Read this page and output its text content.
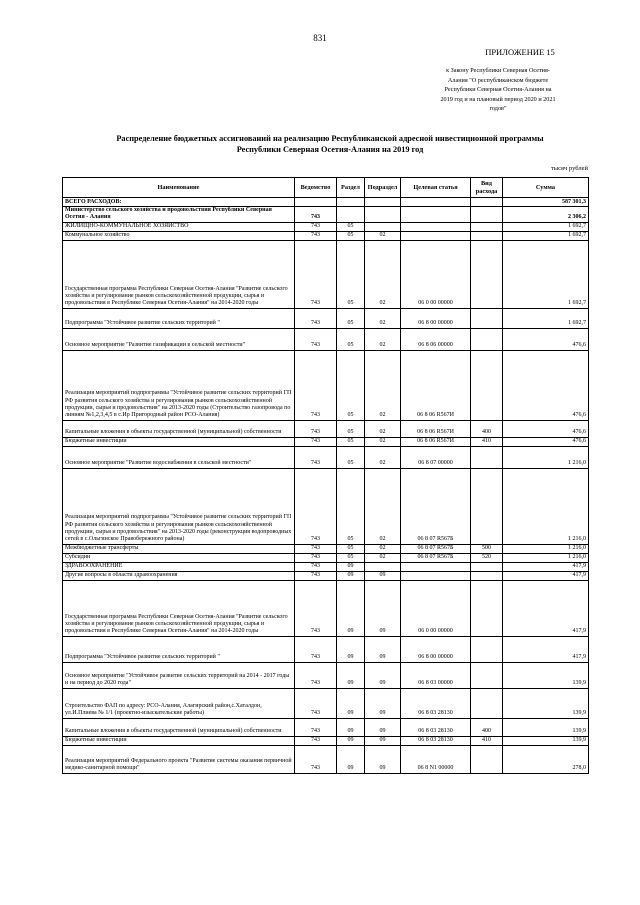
831
ПРИЛОЖЕНИЕ 15
к Закону Республики Северная Осетия-
Алания "О республиканском бюджете
Республики Северная Осетия-Алания на
2019 год и на плановый период 2020 и 2021
годов"
Распределение бюджетных ассигнований на реализацию Республиканской адресной инвестиционной программы
Республики Северная Осетия-Алания на 2019 год
тысяч рублей
Наименование	Ведомство	Раздел	Подраздел	Целевая статья	Вид расхода	Сумма
ВСЕГО РАСХОДОВ:						587 301,3
Министерство сельского хозяйства и продовольствия Республики Северная Осетия - Алания	743					2 306,2
ЖИЛИЩНО-КОММУНАЛЬНОЕ ХОЗЯЙСТВО	743	05				1 692,7
Коммунальное хозяйство	743	05	02			1 692,7
Государственная программа Республики Северная Осетия-Алания "Развитие сельского хозяйства и регулирование рынков сельскохозяйственной продукции, сырья и продовольствия в Республике Северная Осетия-Алания" на 2014-2020 годы	743	05	02	06 0 00 00000		1 692,7
Подпрограмма "Устойчивое развитие сельских территорий "	743	05	02	06 8 00 00000		1 692,7
Основное мероприятие "Развитие газификации в сельской местности"	743	05	02	06 8 06 00000		476,6
Реализация мероприятий подпрограммы "Устойчивое развитие сельских территорий ГП РФ развития сельского хозяйства и регулирования рынков сельскохозяйственной продукции, сырья и продовольствия" на 2013-2020 годы (Строительство газопровода по линиям №1,2,3,4,5 в с.Ир Пригородный район РСО-Алания)	743	05	02	06 8 06 R567И		476,6
Капитальные вложения в объекты государственной (муниципальной) собственности	743	05	02	06 8 06 R567И	400	476,6
Бюджетные инвестиции	743	05	02	06 8 06 R567И	410	476,6
Основное мероприятие "Развитие водоснабжения в сельской местности"	743	05	02	06 8 07 00000		1 216,0
Реализация мероприятий подпрограммы "Устойчивое развитие сельских территорий ГП РФ развития сельского хозяйства и регулирования рынков сельскохозяйственной продукции, сырья и продовольствия" на 2013-2020 годы (реконструкция водопроводных сетей в с.Ольгинское Правобережного района)	743	05	02	06 8 07 R567Б		1 216,0
Межбюджетные трансферты	743	05	02	06 8 07 R567Б	500	1 216,0
Субсидии	743	05	02	06 8 07 R567Б	520	1 216,0
ЗДРАВООХРАНЕНИЕ	743	09				417,9
Другие вопросы в области здравоохранения	743	09	09			417,9
Государственная программа Республики Северная Осетия-Алания "Развитие сельского хозяйства и регулирование рынков сельскохозяйственной продукции, сырья и продовольствия в Республике Северная Осетия-Алания" на 2014-2020 годы	743	09	09	06 0 00 00000		417,9
Подпрограмма "Устойчивое развитие сельских территорий "	743	09	09	06 8 00 00000		417,9
Основное мероприятие "Устойчивое развитие сельских территорий на 2014 - 2017 годы и на период до 2020 года"	743	09	09	06 8 03 00000		139,9
Строительство ФАП по адресу: РСО-Алания, Алагирский район,с.Хаталдон, ул.И.Плиева № 1/1 (проектно-изыскательские работы)	743	09	09	06 8 03 28130		139,9
Капитальные вложения в объекты государственной (муниципальной) собственности	743	09	09	06 8 03 28130	400	139,9
Бюджетные инвестиции	743	09	09	06 8 03 28130	410	139,9
Реализация мероприятий Федерального проекта "Развитие системы оказания первичной медико-санитарной помощи"	743	09	09	06 8 N1 00000		278,0
